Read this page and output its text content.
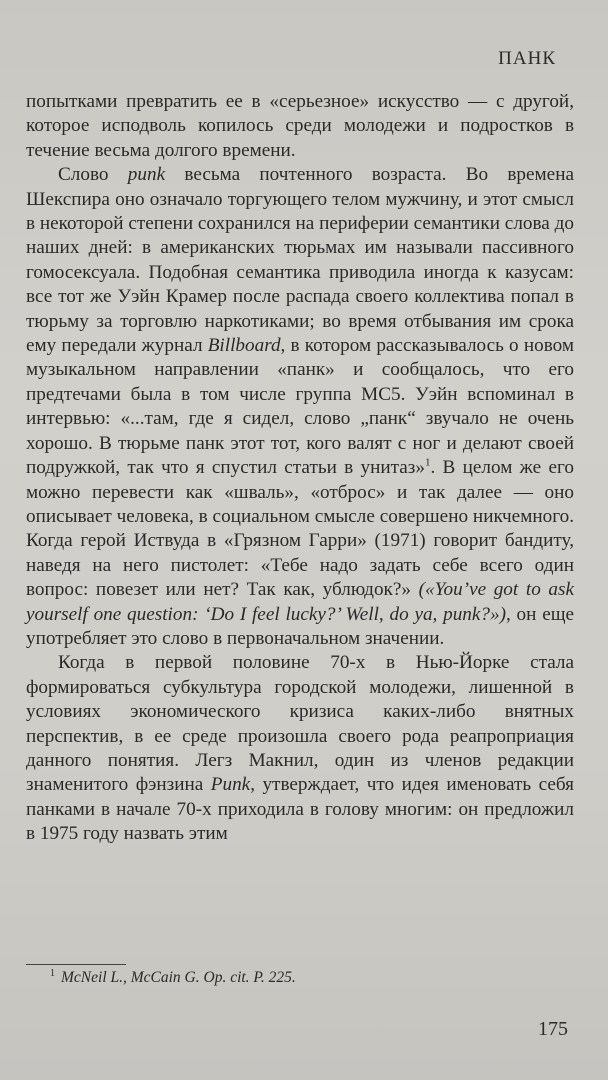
ПАНК

попытками превратить ее в «серьезное» искусство — с другой, которое исподволь копилось среди молодежи и подростков в течение весьма долгого времени.

Слово punk весьма почтенного возраста. Во времена Шекспира оно означало торгующего телом мужчину, и этот смысл в некоторой степени сохранился на периферии семантики слова до наших дней: в американских тюрьмах им называли пассивного гомосексуала. Подобная семантика приводила иногда к казусам: все тот же Уэйн Крамер после распада своего коллектива попал в тюрьму за торговлю наркотиками; во время отбывания им срока ему передали журнал Billboard, в котором рассказывалось о новом музыкальном направлении «панк» и сообщалось, что его предтечами была в том числе группа MC5. Уэйн вспоминал в интервью: «...там, где я сидел, слово „панк“ звучало не очень хорошо. В тюрьме панк этот тот, кого валят с ног и делают своей подружкой, так что я спустил статьи в унитаз»$^1$. В целом же его можно перевести как «шваль», «отброс» и так далее — оно описывает человека, в социальном смысле совершено никчемного. Когда герой Иствуда в «Грязном Гарри» (1971) говорит бандиту, наведя на него пистолет: «Тебе надо задать себе всего один вопрос: повезет или нет? Так как, ублюдок?» («You’ve got to ask yourself one question: ‘Do I feel lucky?’ Well, do ya, punk?»), он еще употребляет это слово в первоначальном значении.

Когда в первой половине 70-х в Нью-Йорке стала формироваться субкультура городской молодежи, лишенной в условиях экономического кризиса каких-либо внятных перспектив, в ее среде произошла своего рода реапроприация данного понятия. Легз Макнил, один из членов редакции знаменитого фэнзина Punk, утверждает, что идея именовать себя панками в начале 70-х приходила в голову многим: он предложил в 1975 году назвать этим

$^1$ McNeil L., McCain G. Op. cit. P. 225.
175
